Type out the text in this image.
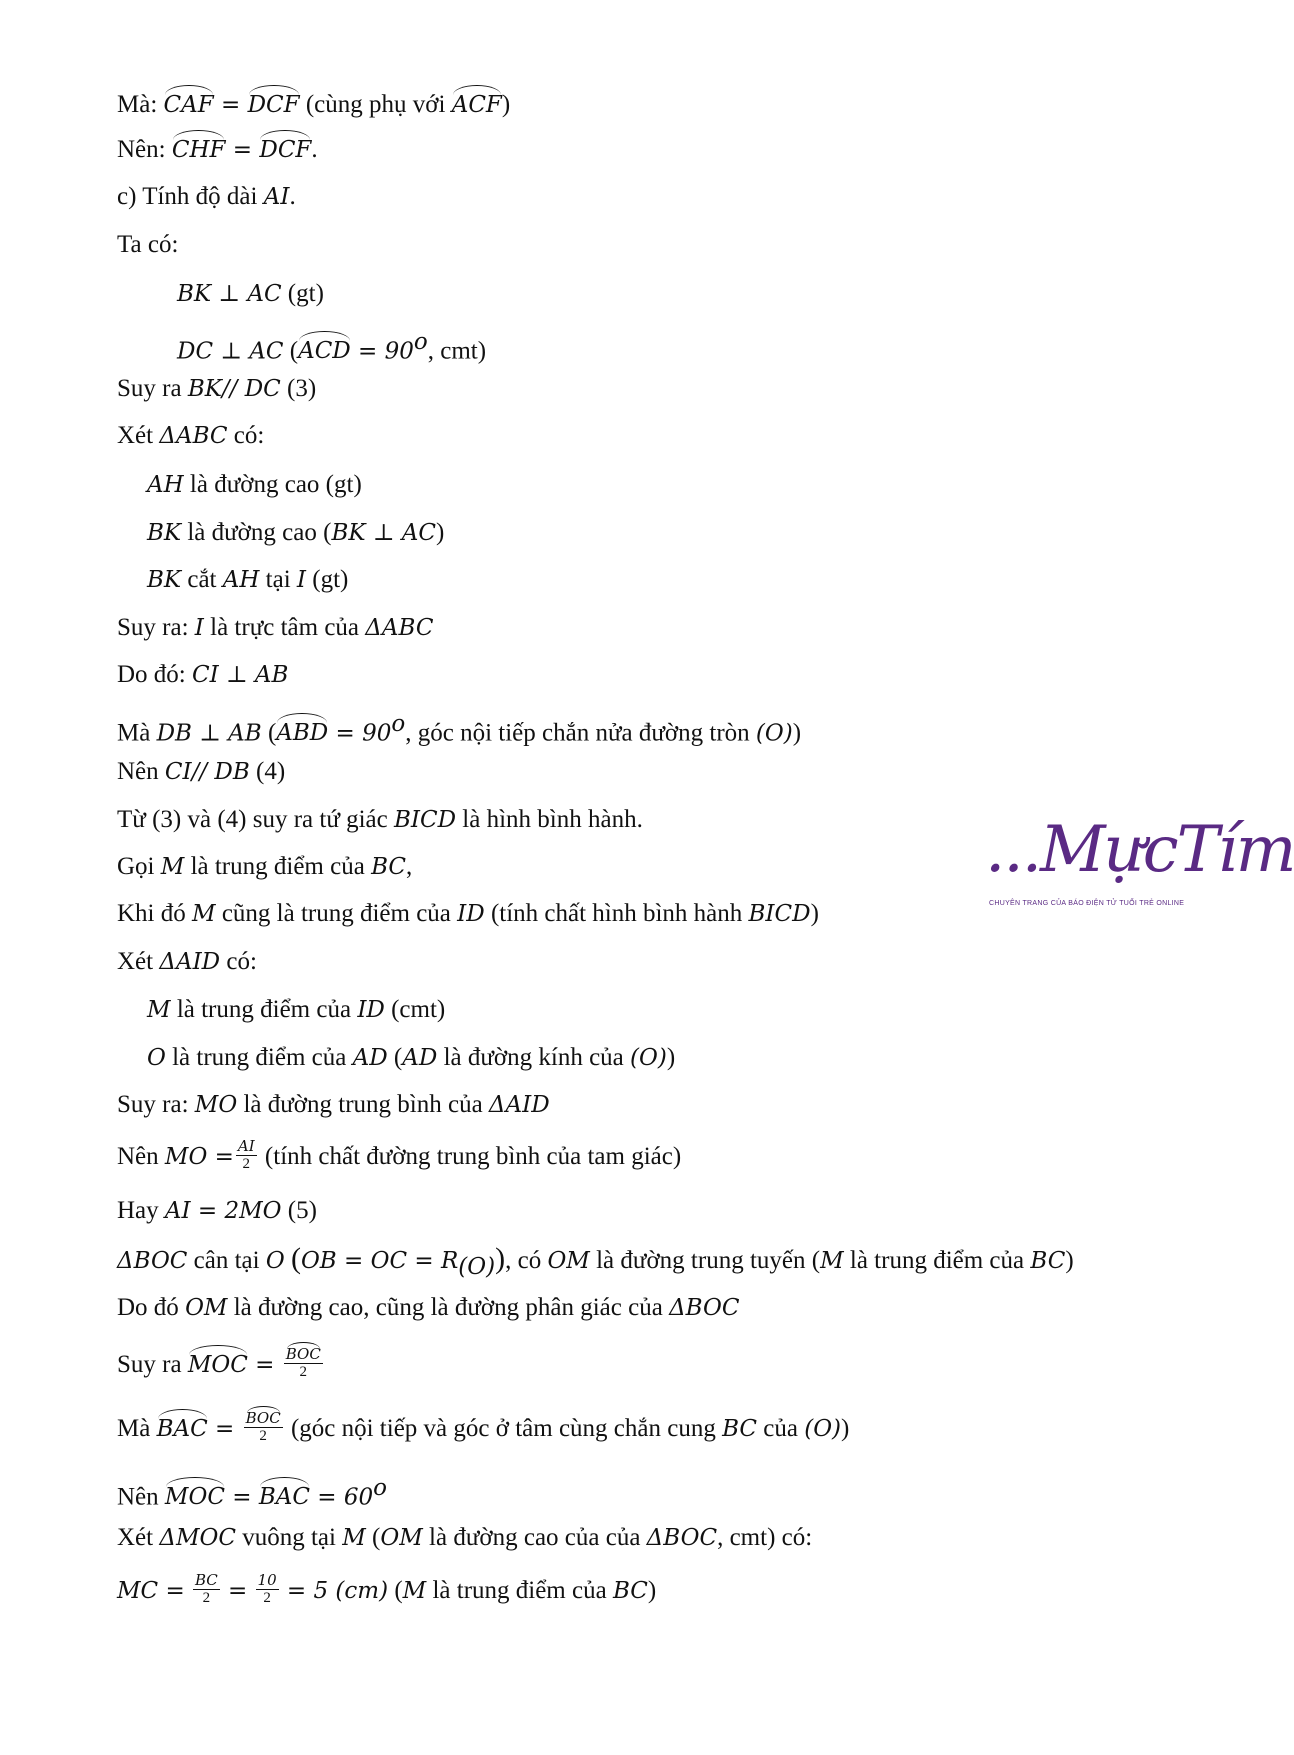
Mà: CAF = DCF (cùng phụ với ACF)
Nên: CHF = DCF.
c) Tính độ dài AI.
Ta có:
BK ⊥ AC (gt)
DC ⊥ AC ($ACD = 90^o$, cmt)
Suy ra BK// DC (3)
Xét ΔABC có:
AH là đường cao (gt)
BK là đường cao (BK ⊥ AC)
BK cắt AH tại I (gt)
Suy ra: I là trực tâm của ΔABC
Do đó: CI ⊥ AB
Mà DB ⊥ AB ($ABD = 90^o$, góc nội tiếp chắn nửa đường tròn (O))
Nên CI// DB (4)
Từ (3) và (4) suy ra tứ giác BICD là hình bình hành.
Gọi M là trung điểm của BC,
Khi đó M cũng là trung điểm của ID (tính chất hình bình hành BICD)
Xét ΔAID có:
M là trung điểm của ID (cmt)
O là trung điểm của AD (AD là đường kính của (O))
Suy ra: MO là đường trung bình của ΔAID
Nên MO = $\frac{AI}{2}$ (tính chất đường trung bình của tam giác)
Hay AI = 2MO (5)
ΔBOC cân tại O (OB = OC = $R_{(O)}$), có OM là đường trung tuyến (M là trung điểm của BC)
Do đó OM là đường cao, cũng là đường phân giác của ΔBOC
Suy ra MOC = $\frac{\text{BOC}}{2}$
Mà BAC = $\frac{\text{BOC}}{2}$ (góc nội tiếp và góc ở tâm cùng chắn cung BC của (O))
Nên MOC = BAC = $60^o$
Xét ΔMOC vuông tại M (OM là đường cao của của ΔBOC, cmt) có:
MC = $\frac{BC}{2} = \frac{10}{2} = 5$ (cm) (M là trung điểm của BC)
...MựcTím
CHUYÊN TRANG CỦA BÁO ĐIỆN TỬ TUỔI TRẺ ONLINE
